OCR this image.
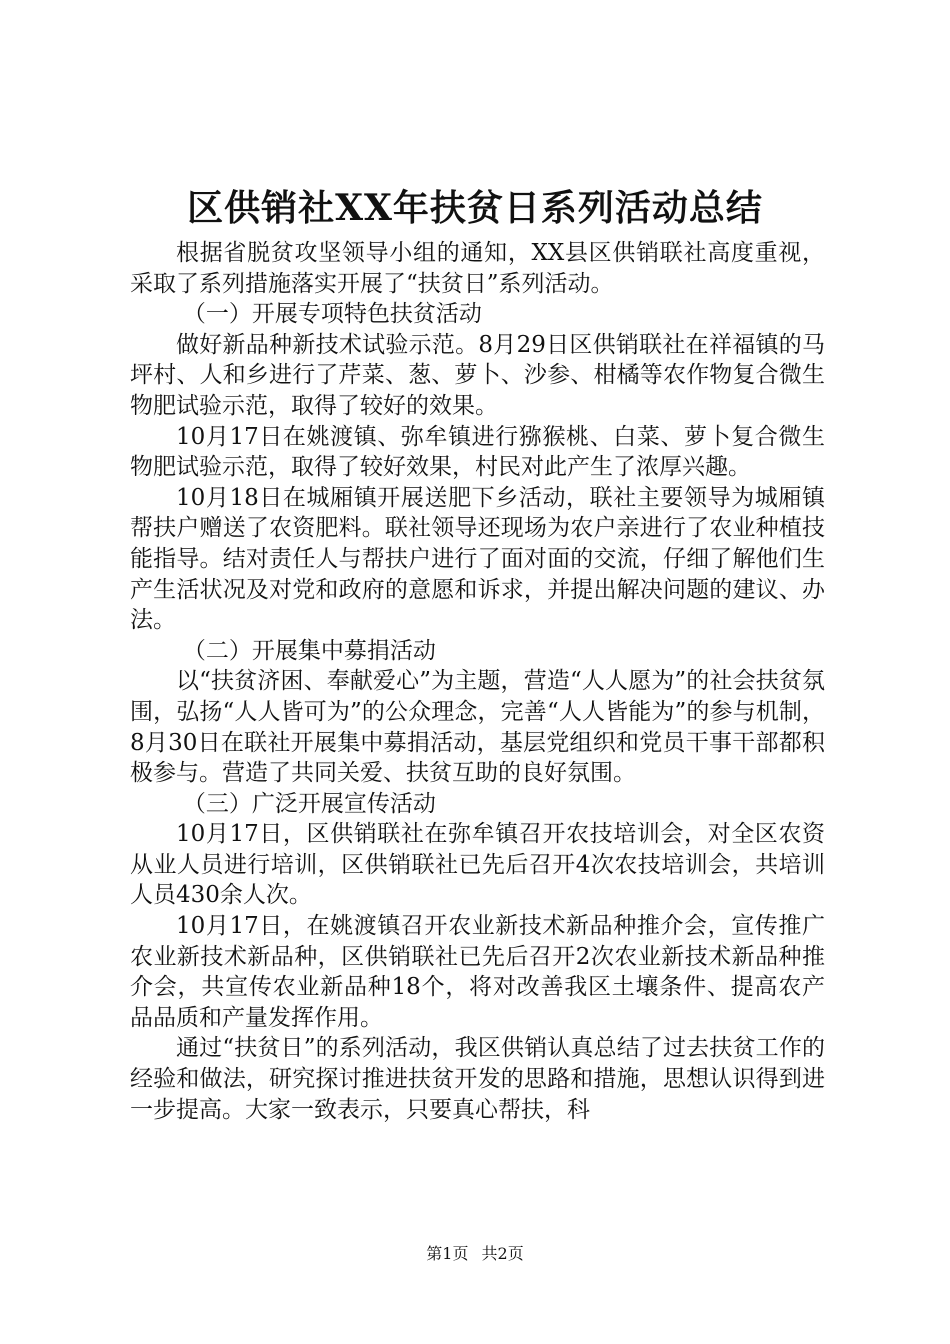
区供销社XX年扶贫日系列活动总结

根据省脱贫攻坚领导小组的通知，XX县区供销联社高度重视，采取了系列措施落实开展了“扶贫日”系列活动。

（一）开展专项特色扶贫活动

做好新品种新技术试验示范。8月29日区供销联社在祥福镇的马坪村、人和乡进行了芹菜、葱、萝卜、沙参、柑橘等农作物复合微生物肥试验示范，取得了较好的效果。

10月17日在姚渡镇、弥牟镇进行猕猴桃、白菜、萝卜复合微生物肥试验示范，取得了较好效果，村民对此产生了浓厚兴趣。

10月18日在城厢镇开展送肥下乡活动，联社主要领导为城厢镇帮扶户赠送了农资肥料。联社领导还现场为农户亲进行了农业种植技能指导。结对责任人与帮扶户进行了面对面的交流，仔细了解他们生产生活状况及对党和政府的意愿和诉求，并提出解决问题的建议、办法。

（二）开展集中募捐活动

以“扶贫济困、奉献爱心”为主题，营造“人人愿为”的社会扶贫氛围，弘扬“人人皆可为”的公众理念，完善“人人皆能为”的参与机制，8月30日在联社开展集中募捐活动，基层党组织和党员干事干部都积极参与。营造了共同关爱、扶贫互助的良好氛围。

（三）广泛开展宣传活动

10月17日，区供销联社在弥牟镇召开农技培训会，对全区农资从业人员进行培训，区供销联社已先后召开4次农技培训会，共培训人员430余人次。

10月17日，在姚渡镇召开农业新技术新品种推介会，宣传推广农业新技术新品种，区供销联社已先后召开2次农业新技术新品种推介会，共宣传农业新品种18个，将对改善我区土壤条件、提高农产品品质和产量发挥作用。

通过“扶贫日”的系列活动，我区供销认真总结了过去扶贫工作的经验和做法，研究探讨推进扶贫开发的思路和措施，思想认识得到进一步提高。大家一致表示，只要真心帮扶，科

第1页 共2页
